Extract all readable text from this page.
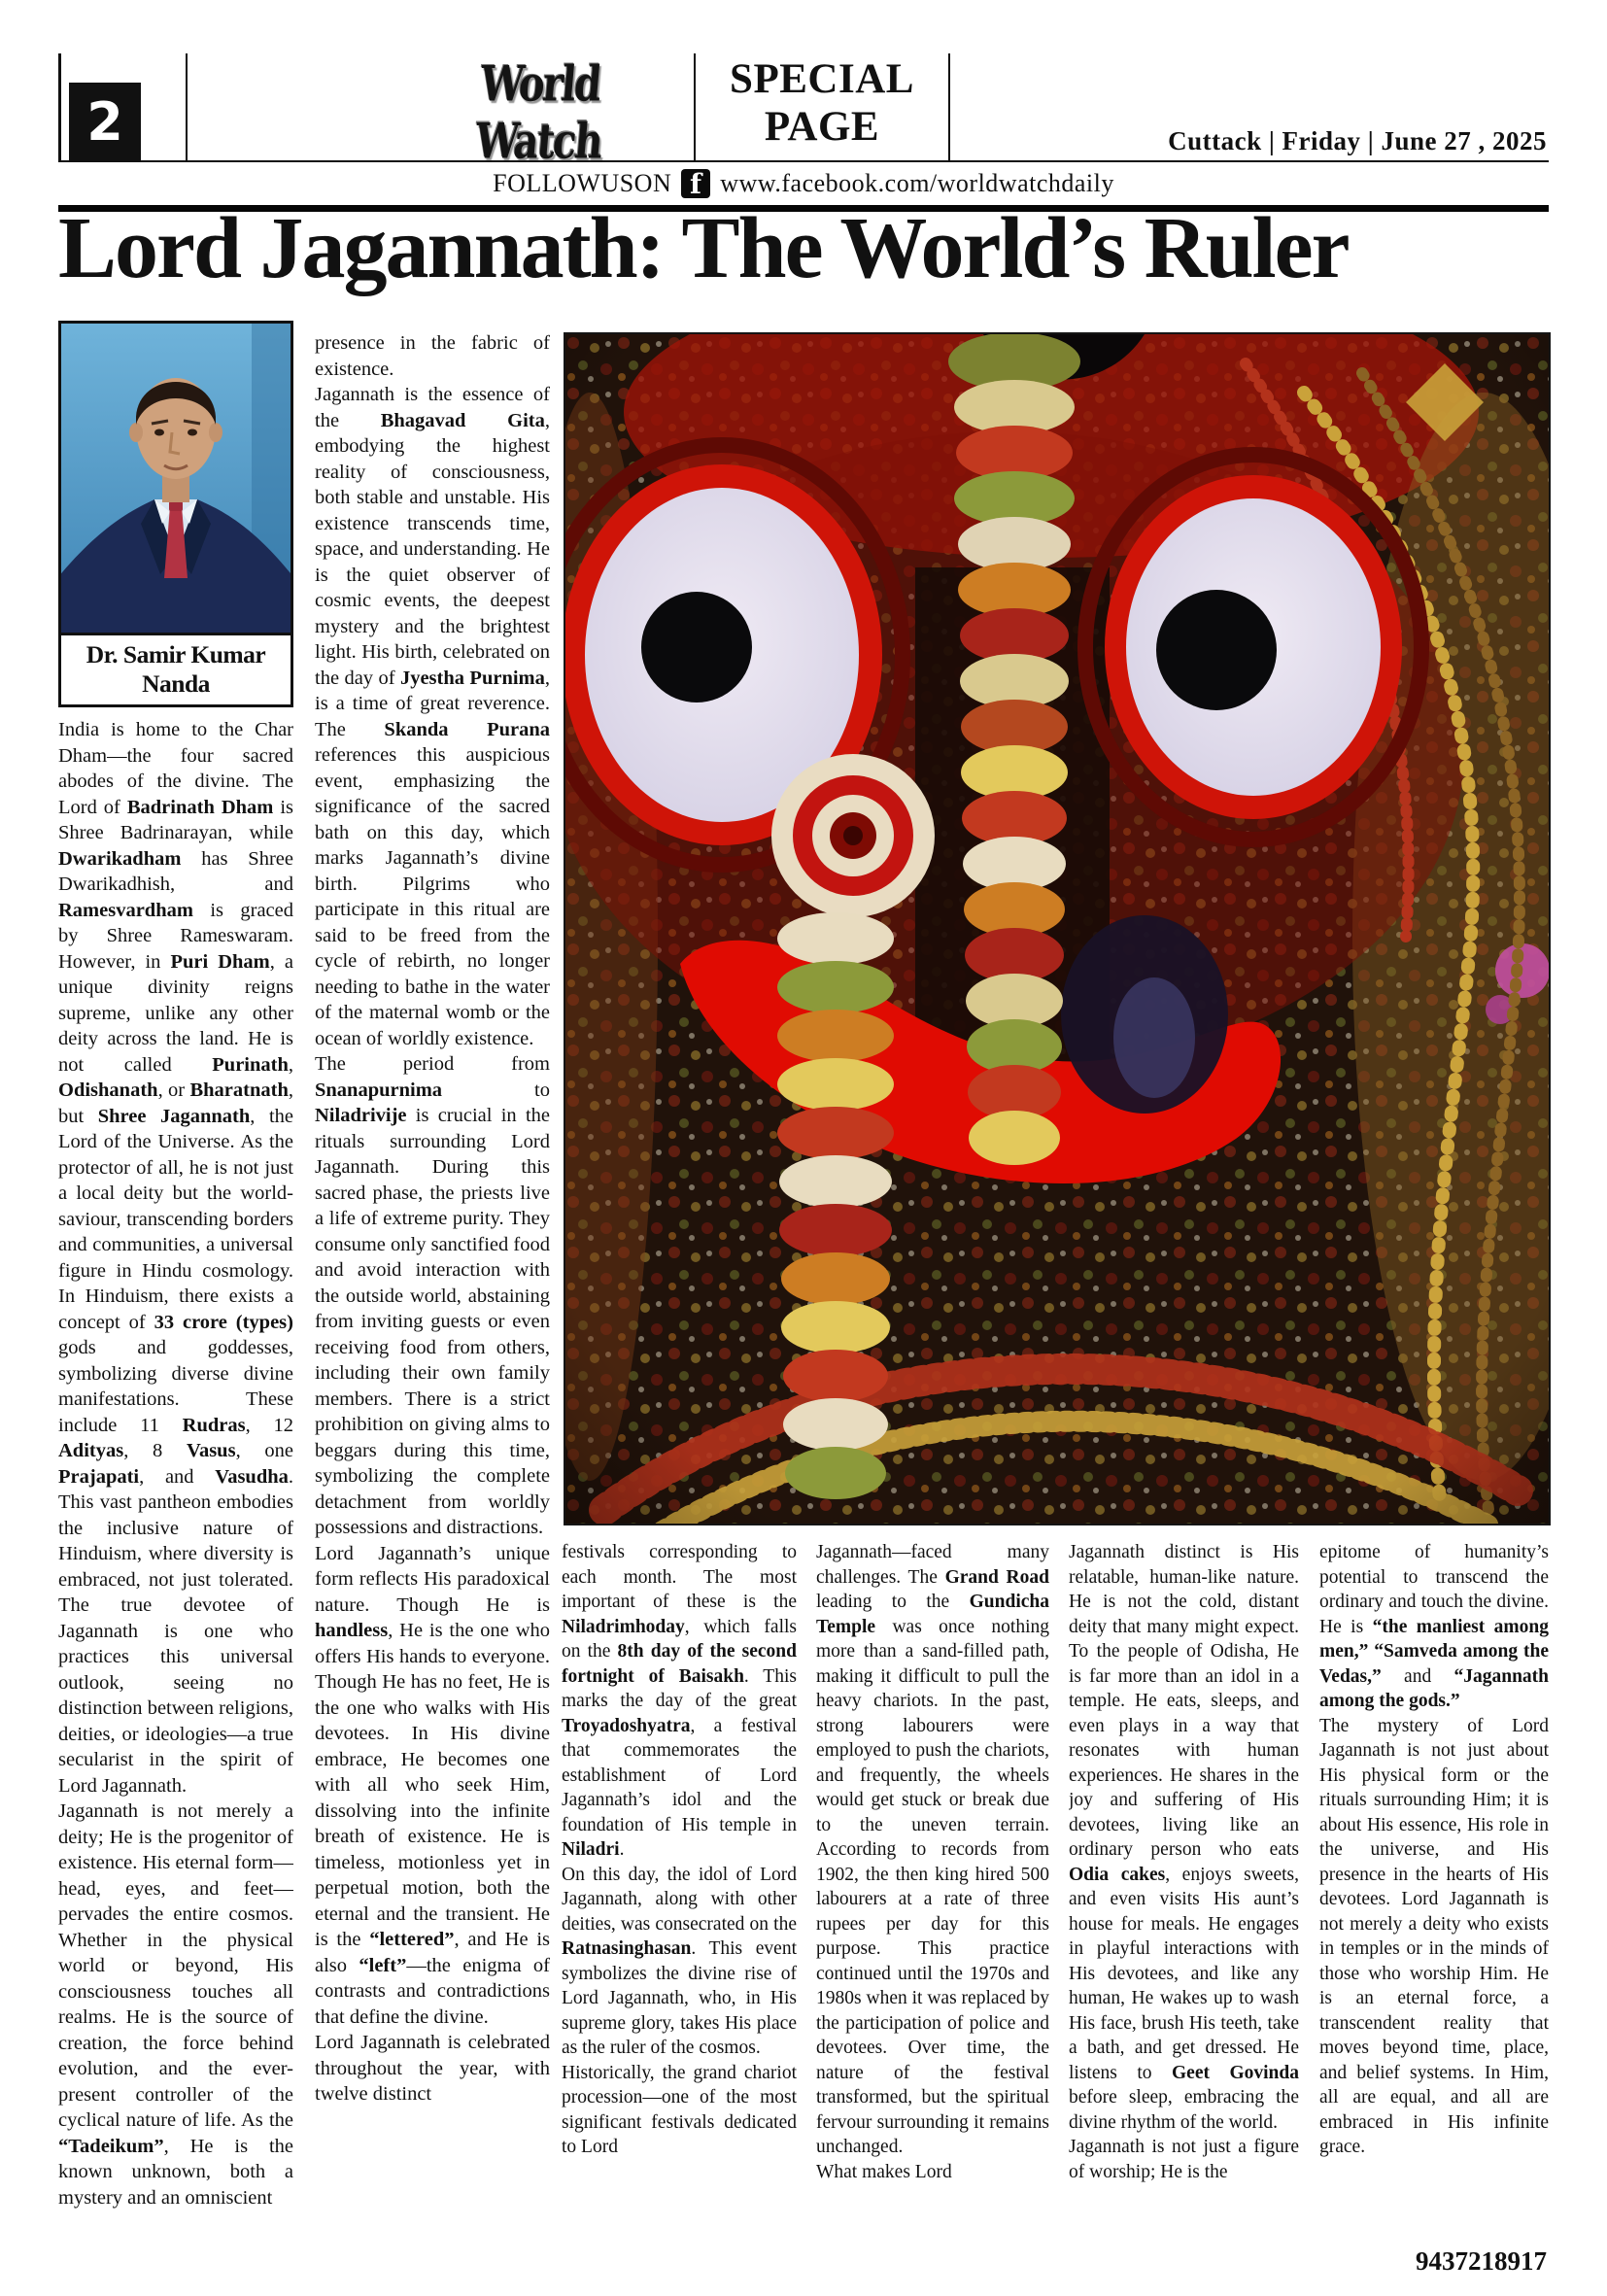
2
World Watch
SPECIAL PAGE	Cuttack | Friday | June 27 , 2025
FOLLOWUSON f www.facebook.com/worldwatchdaily
Lord Jagannath: The World’s Ruler
Dr. Samir Kumar Nanda

India is home to the Char Dham—the four sacred abodes of the divine. The Lord of Badrinath Dham is Shree Badrinarayan, while Dwarikadham has Shree Dwarikadhish, and Ramesvardham is graced by Shree Rameswaram. However, in Puri Dham, a unique divinity reigns supreme, unlike any other deity across the land. He is not called Purinath, Odishanath, or Bharatnath, but Shree Jagannath, the Lord of the Universe. As the protector of all, he is not just a local deity but the world-saviour, transcending borders and communities, a universal figure in Hindu cosmology. In Hinduism, there exists a concept of 33 crore (types) gods and goddesses, symbolizing diverse divine manifestations. These include 11 Rudras, 12 Adityas, 8 Vasus, one Prajapati, and Vasudha. This vast pantheon embodies the inclusive nature of Hinduism, where diversity is embraced, not just tolerated. The true devotee of Jagannath is one who practices this universal outlook, seeing no distinction between religions, deities, or ideologies—a true secularist in the spirit of Lord Jagannath.

Jagannath is not merely a deity; He is the progenitor of existence. His eternal form—head, eyes, and feet—pervades the entire cosmos. Whether in the physical world or beyond, His consciousness touches all realms. He is the source of creation, the force behind evolution, and the ever-present controller of the cyclical nature of life. As the “Tadeikum”, He is the known unknown, both a mystery and an omniscient

presence in the fabric of existence.

Jagannath is the essence of the Bhagavad Gita, embodying the highest reality of consciousness, both stable and unstable. His existence transcends time, space, and understanding. He is the quiet observer of cosmic events, the deepest mystery and the brightest light. His birth, celebrated on the day of Jyestha Purnima, is a time of great reverence. The Skanda Purana references this auspicious event, emphasizing the significance of the sacred bath on this day, which marks Jagannath’s divine birth. Pilgrims who participate in this ritual are said to be freed from the cycle of rebirth, no longer needing to bathe in the water of the maternal womb or the ocean of worldly existence.

The period from Snanapurnima to Niladrivije is crucial in the rituals surrounding Lord Jagannath. During this sacred phase, the priests live a life of extreme purity. They consume only sanctified food and avoid interaction with the outside world, abstaining from inviting guests or even receiving food from others, including their own family members. There is a strict prohibition on giving alms to beggars during this time, symbolizing the complete detachment from worldly possessions and distractions.

Lord Jagannath’s unique form reflects His paradoxical nature. Though He is handless, He is the one who offers His hands to everyone. Though He has no feet, He is the one who walks with His devotees. In His divine embrace, He becomes one with all who seek Him, dissolving into the infinite breath of existence. He is timeless, motionless yet in perpetual motion, both the eternal and the transient. He is the “lettered”, and He is also “left”—the enigma of contrasts and contradictions that define the divine.

Lord Jagannath is celebrated throughout the year, with twelve distinct

festivals corresponding to each month. The most important of these is the Niladrimhoday, which falls on the 8th day of the second fortnight of Baisakh. This marks the day of the great Troyadoshyatra, a festival that commemorates the establishment of Lord Jagannath’s idol and the foundation of His temple in Niladri.

On this day, the idol of Lord Jagannath, along with other deities, was consecrated on the Ratnasinghasan. This event symbolizes the divine rise of Lord Jagannath, who, in His supreme glory, takes His place as the ruler of the cosmos.

Historically, the grand chariot procession—one of the most significant festivals dedicated to Lord

Jagannath—faced many challenges. The Grand Road leading to the Gundicha Temple was once nothing more than a sand-filled path, making it difficult to pull the heavy chariots. In the past, strong labourers were employed to push the chariots, and frequently, the wheels would get stuck or break due to the uneven terrain. According to records from 1902, the then king hired 500 labourers at a rate of three rupees per day for this purpose. This practice continued until the 1970s and 1980s when it was replaced by the participation of police and devotees. Over time, the nature of the festival transformed, but the spiritual fervour surrounding it remains unchanged.

What makes Lord

Jagannath distinct is His relatable, human-like nature. He is not the cold, distant deity that many might expect. To the people of Odisha, He is far more than an idol in a temple. He eats, sleeps, and even plays in a way that resonates with human experiences. He shares in the joy and suffering of His devotees, living like an ordinary person who eats Odia cakes, enjoys sweets, and even visits His aunt’s house for meals. He engages in playful interactions with His devotees, and like any human, He wakes up to wash His face, brush His teeth, take a bath, and get dressed. He listens to Geet Govinda before sleep, embracing the divine rhythm of the world.

Jagannath is not just a figure of worship; He is the

epitome of humanity’s potential to transcend the ordinary and touch the divine. He is “the manliest among men,” “Samveda among the Vedas,” and “Jagannath among the gods.”

The mystery of Lord Jagannath is not just about His physical form or the rituals surrounding Him; it is about His essence, His role in the universe, and His presence in the hearts of His devotees. Lord Jagannath is not merely a deity who exists in temples or in the minds of those who worship Him. He is an eternal force, a transcendent reality that moves beyond time, place, and belief systems. In Him, all are equal, and all are embraced in His infinite grace.

9437218917
